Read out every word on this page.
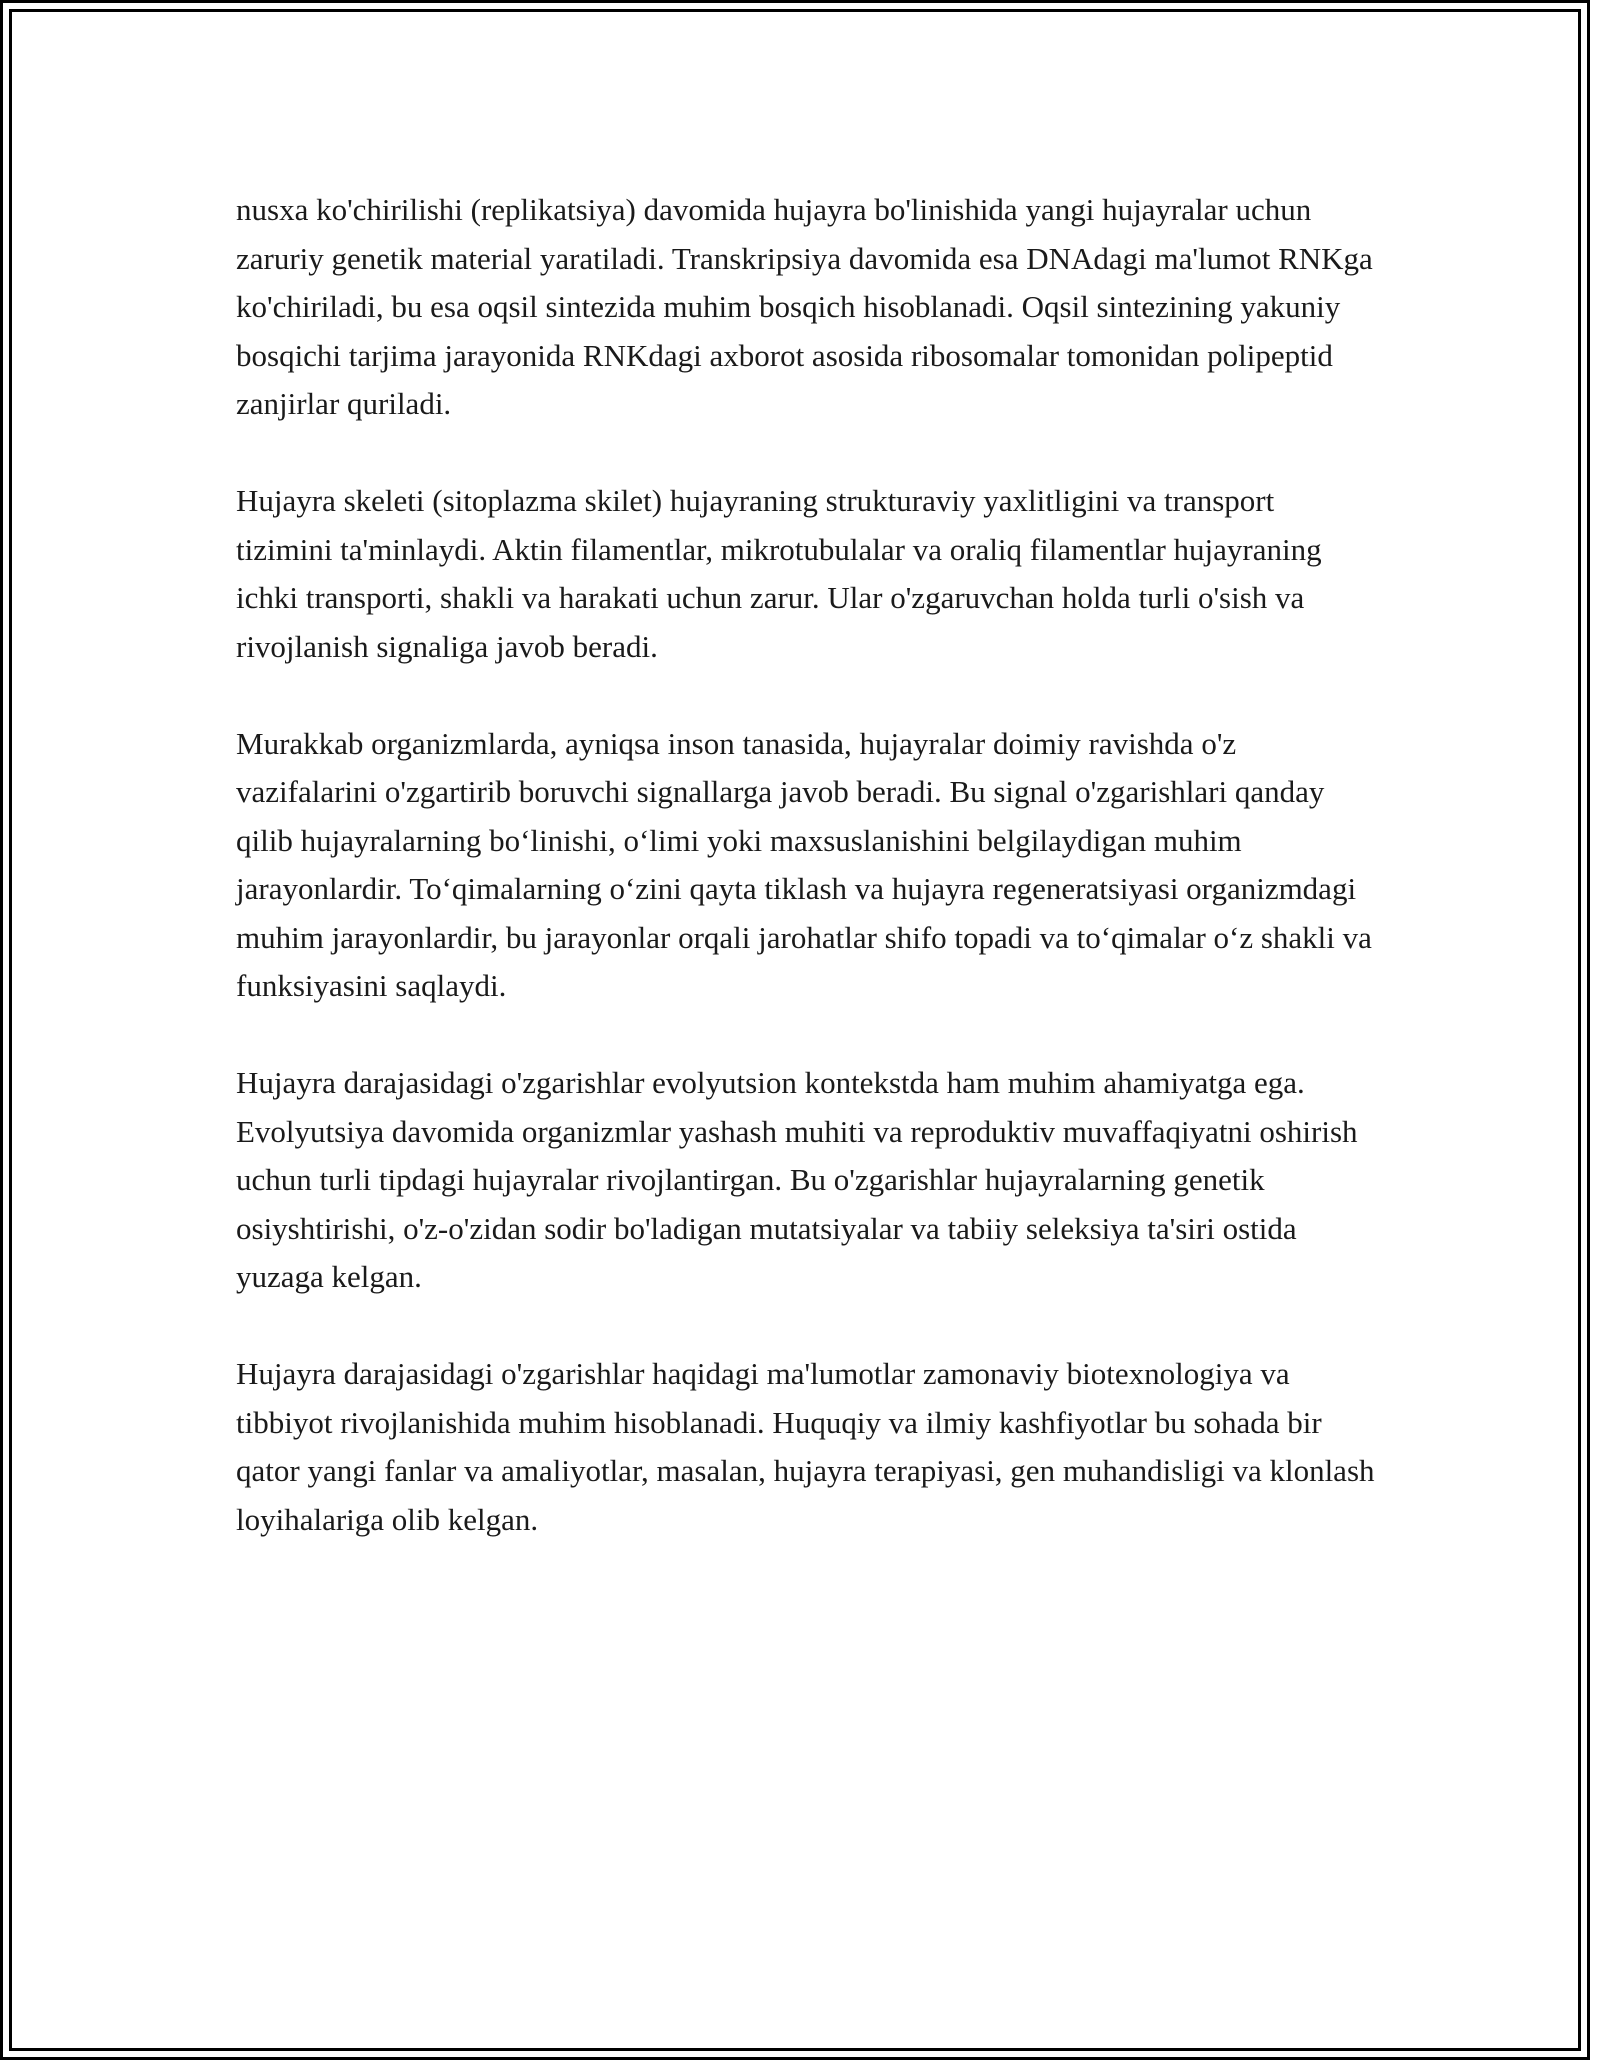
nusxa ko'chirilishi (replikatsiya) davomida hujayra bo'linishida yangi hujayralar uchun zaruriy genetik material yaratiladi. Transkripsiya davomida esa DNAdagi ma'lumot RNKga ko'chiriladi, bu esa oqsil sintezida muhim bosqich hisoblanadi. Oqsil sintezining yakuniy bosqichi tarjima jarayonida RNKdagi axborot asosida ribosomalar tomonidan polipeptid zanjirlar quriladi.

Hujayra skeleti (sitoplazma skilet) hujayraning strukturaviy yaxlitligini va transport tizimini ta'minlaydi. Aktin filamentlar, mikrotubulalar va oraliq filamentlar hujayraning ichki transporti, shakli va harakati uchun zarur. Ular o'zgaruvchan holda turli o'sish va rivojlanish signaliga javob beradi.

Murakkab organizmlarda, ayniqsa inson tanasida, hujayralar doimiy ravishda o'z vazifalarini o'zgartirib boruvchi signallarga javob beradi. Bu signal o'zgarishlari qanday qilib hujayralarning bo‘linishi, o‘limi yoki maxsuslanishini belgilaydigan muhim jarayonlardir. To‘qimalarning o‘zini qayta tiklash va hujayra regeneratsiyasi organizmdagi muhim jarayonlardir, bu jarayonlar orqali jarohatlar shifo topadi va to‘qimalar o‘z shakli va funksiyasini saqlaydi.

Hujayra darajasidagi o'zgarishlar evolyutsion kontekstda ham muhim ahamiyatga ega. Evolyutsiya davomida organizmlar yashash muhiti va reproduktiv muvaffaqiyatni oshirish uchun turli tipdagi hujayralar rivojlantirgan. Bu o'zgarishlar hujayralarning genetik osiyshtirishi, o'z-o'zidan sodir bo'ladigan mutatsiyalar va tabiiy seleksiya ta'siri ostida yuzaga kelgan.

Hujayra darajasidagi o'zgarishlar haqidagi ma'lumotlar zamonaviy biotexnologiya va tibbiyot rivojlanishida muhim hisoblanadi. Huquqiy va ilmiy kashfiyotlar bu sohada bir qator yangi fanlar va amaliyotlar, masalan, hujayra terapiyasi, gen muhandisligi va klonlash loyihalariga olib kelgan.
